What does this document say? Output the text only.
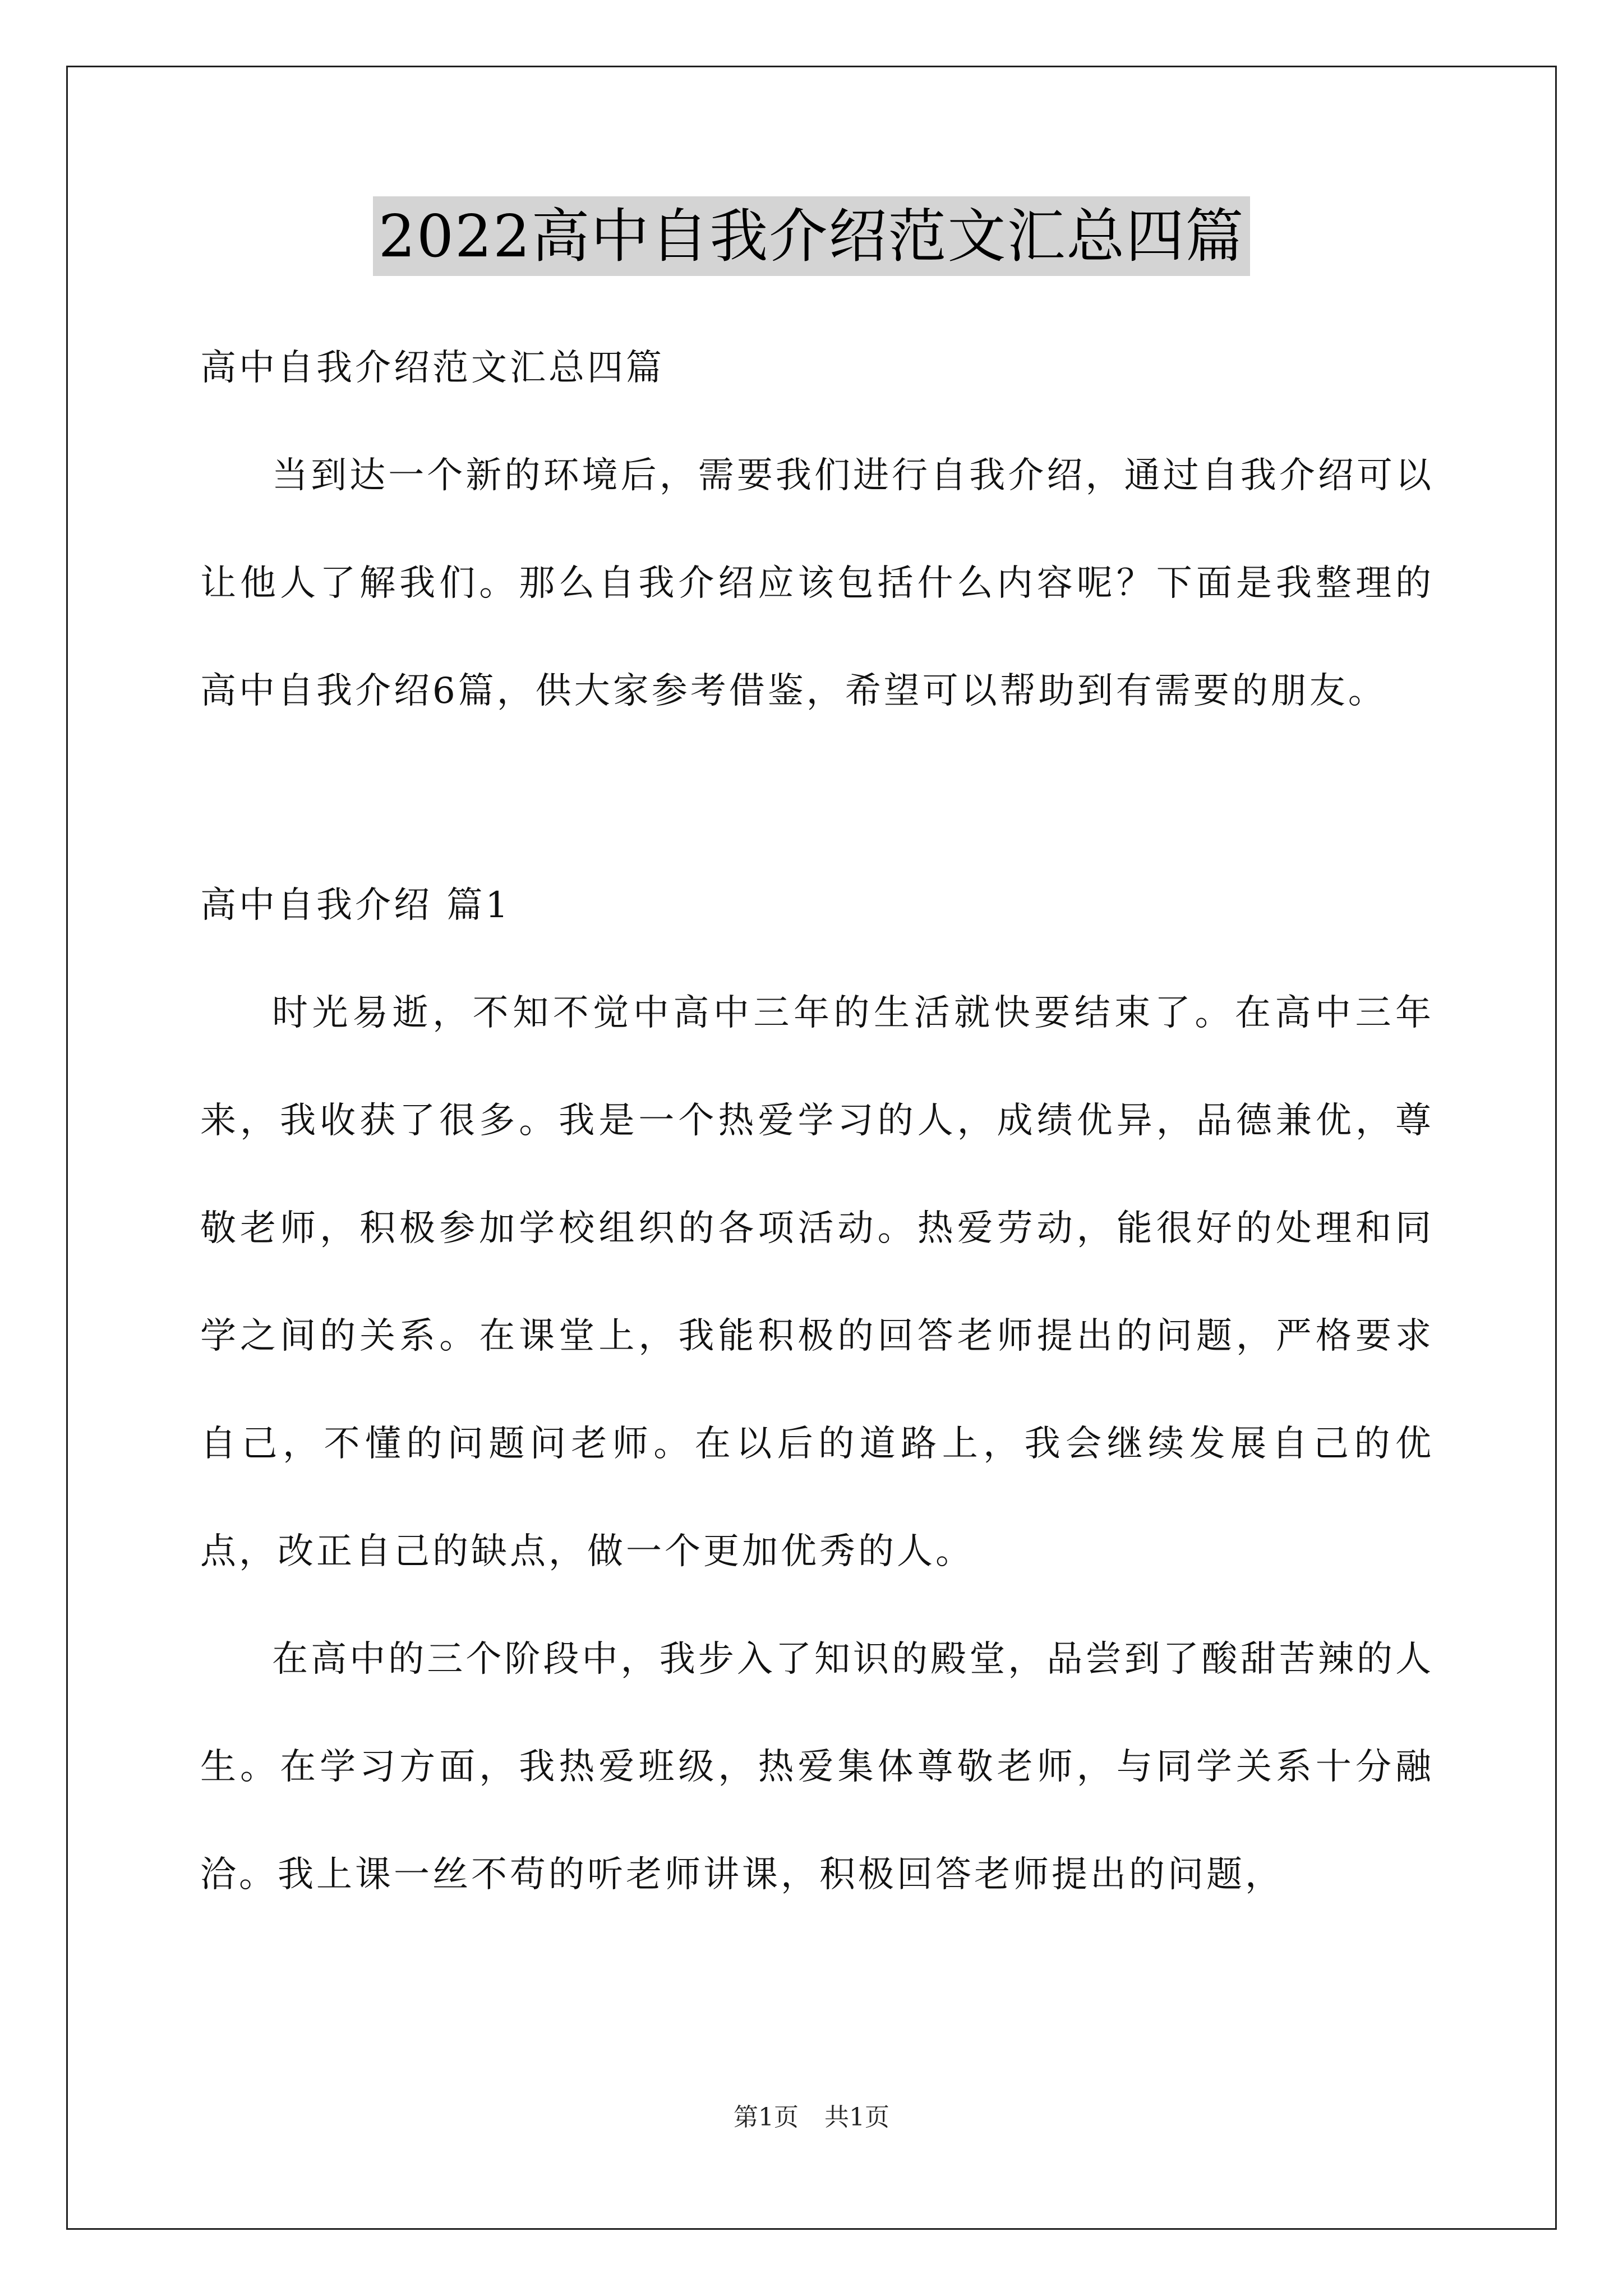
2022高中自我介绍范文汇总四篇

高中自我介绍范文汇总四篇

当到达一个新的环境后，需要我们进行自我介绍，通过自我介绍可以让他人了解我们。那么自我介绍应该包括什么内容呢？下面是我整理的高中自我介绍6篇，供大家参考借鉴，希望可以帮助到有需要的朋友。

高中自我介绍 篇1

时光易逝，不知不觉中高中三年的生活就快要结束了。在高中三年来，我收获了很多。我是一个热爱学习的人，成绩优异，品德兼优，尊敬老师，积极参加学校组织的各项活动。热爱劳动，能很好的处理和同学之间的关系。在课堂上，我能积极的回答老师提出的问题，严格要求自己，不懂的问题问老师。在以后的道路上，我会继续发展自己的优点，改正自己的缺点，做一个更加优秀的人。

在高中的三个阶段中，我步入了知识的殿堂，品尝到了酸甜苦辣的人生。在学习方面，我热爱班级，热爱集体尊敬老师，与同学关系十分融洽。我上课一丝不苟的听老师讲课，积极回答老师提出的问题，

第1页 共1页
